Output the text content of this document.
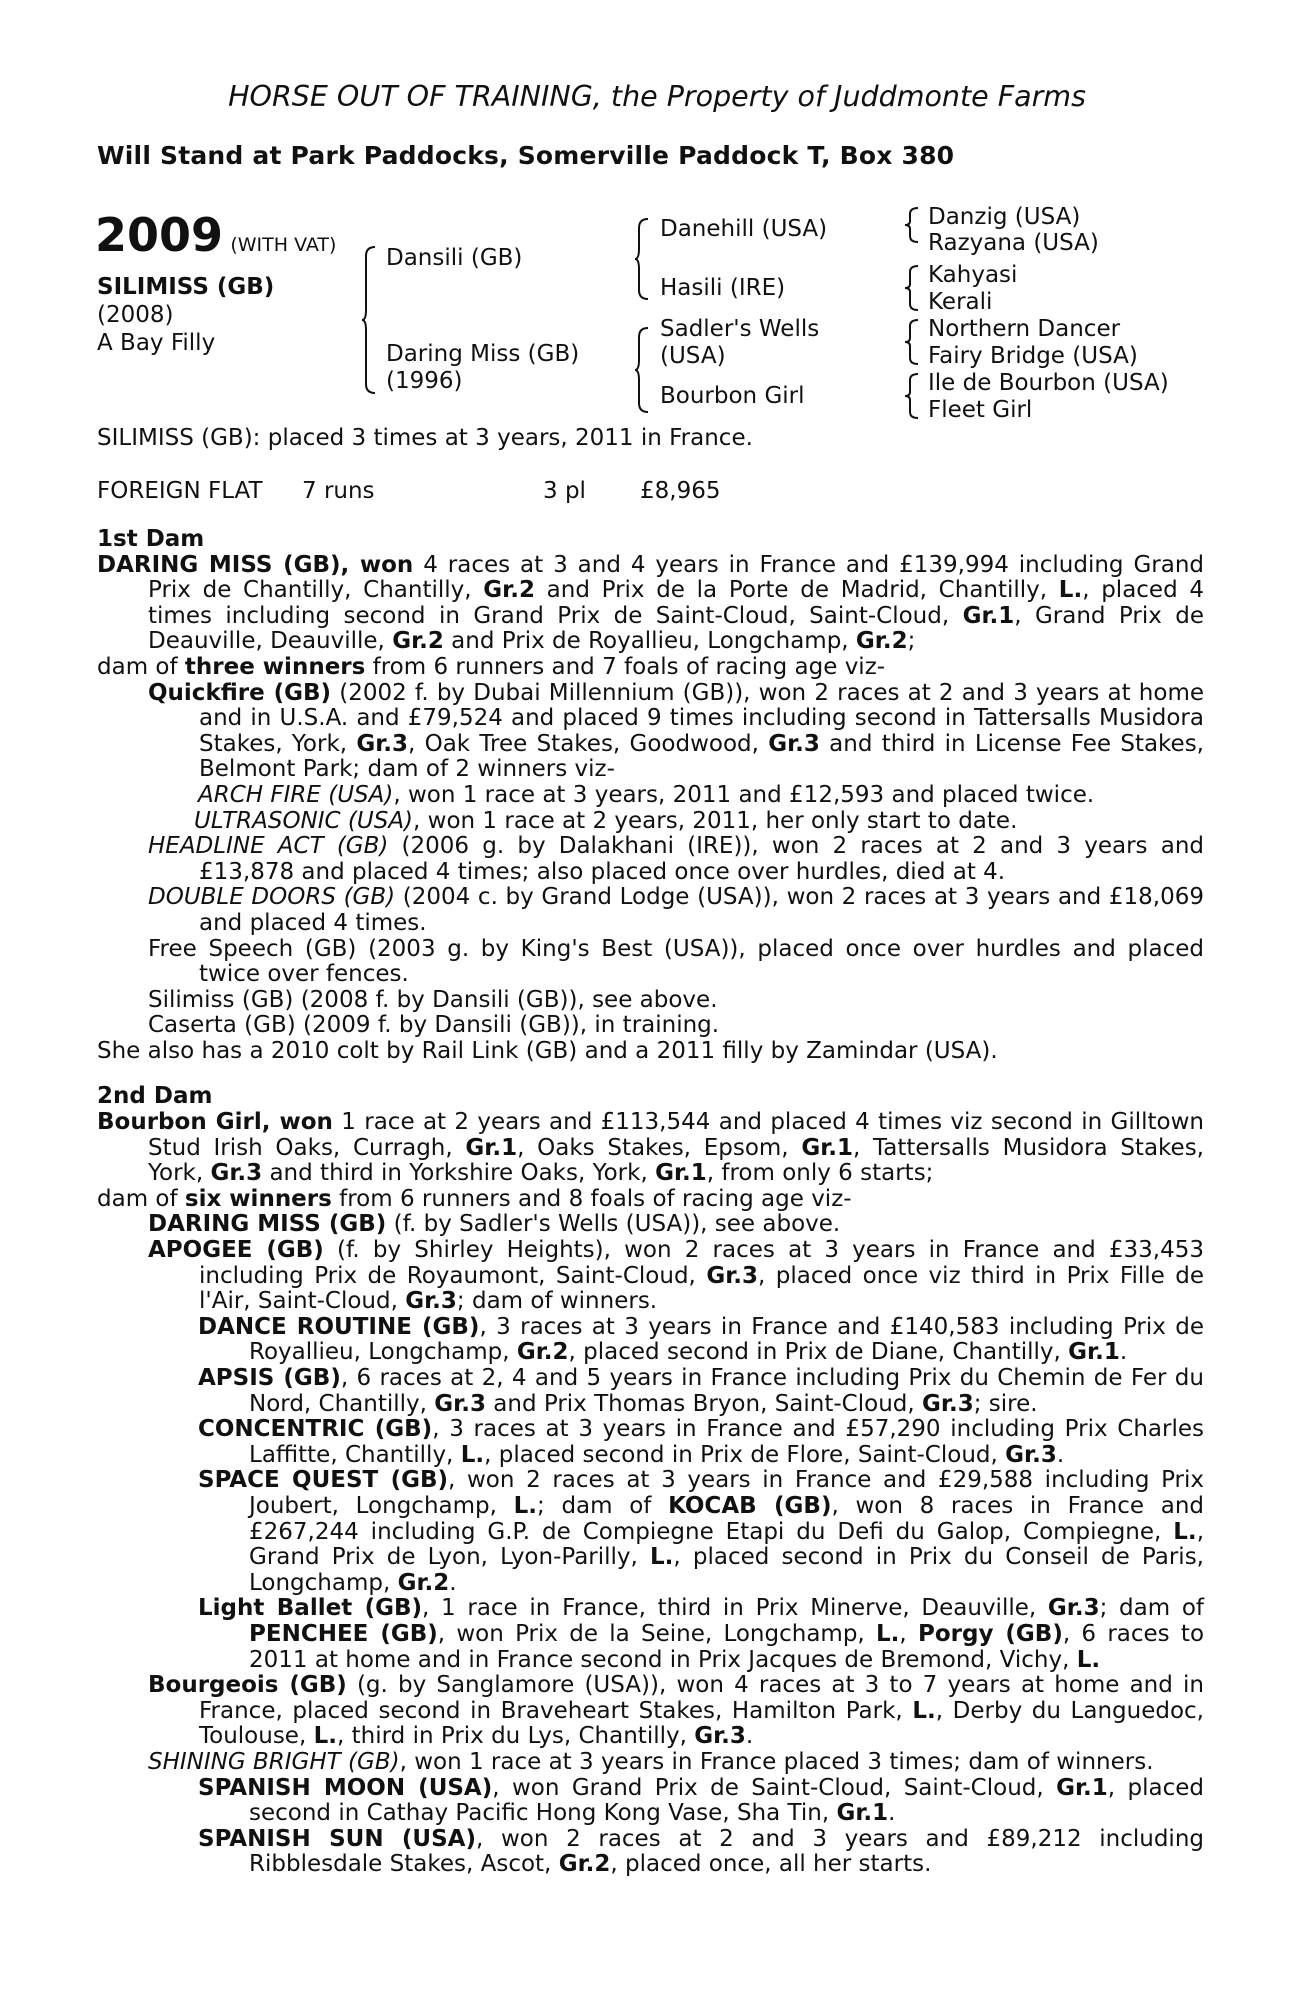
HORSE OUT OF TRAINING, the Property of Juddmonte Farms
Will Stand at Park Paddocks, Somerville Paddock T, Box 380
2009 (WITH VAT)
SILIMISS (GB)
(2008)
A Bay Filly
Dansili (GB)
Daring Miss (GB)
(1996)
Danehill (USA)
Hasili (IRE)
Sadler's Wells
(USA)
Bourbon Girl
Danzig (USA)
Razyana (USA)
Kahyasi
Kerali
Northern Dancer
Fairy Bridge (USA)
Ile de Bourbon (USA)
Fleet Girl
SILIMISS (GB): placed 3 times at 3 years, 2011 in France.
FOREIGN FLAT 7 runs	3 pl £8,965

1st Dam

DARING MISS (GB), won 4 races at 3 and 4 years in France and £139,994 including Grand Prix de Chantilly, Chantilly, Gr.2 and Prix de la Porte de Madrid, Chantilly, L., placed 4 times including second in Grand Prix de Saint-Cloud, Saint-Cloud, Gr.1, Grand Prix de Deauville, Deauville, Gr.2 and Prix de Royallieu, Longchamp, Gr.2;

dam of three winners from 6 runners and 7 foals of racing age viz-

Quickfire (GB) (2002 f. by Dubai Millennium (GB)), won 2 races at 2 and 3 years at home and in U.S.A. and £79,524 and placed 9 times including second in Tattersalls Musidora Stakes, York, Gr.3, Oak Tree Stakes, Goodwood, Gr.3 and third in License Fee Stakes, Belmont Park; dam of 2 winners viz-

ARCH FIRE (USA), won 1 race at 3 years, 2011 and £12,593 and placed twice.

ULTRASONIC (USA), won 1 race at 2 years, 2011, her only start to date.

HEADLINE ACT (GB) (2006 g. by Dalakhani (IRE)), won 2 races at 2 and 3 years and £13,878 and placed 4 times; also placed once over hurdles, died at 4.

DOUBLE DOORS (GB) (2004 c. by Grand Lodge (USA)), won 2 races at 3 years and £18,069 and placed 4 times.

Free Speech (GB) (2003 g. by King's Best (USA)), placed once over hurdles and placed twice over fences.

Silimiss (GB) (2008 f. by Dansili (GB)), see above.

Caserta (GB) (2009 f. by Dansili (GB)), in training.

She also has a 2010 colt by Rail Link (GB) and a 2011 filly by Zamindar (USA).

2nd Dam

Bourbon Girl, won 1 race at 2 years and £113,544 and placed 4 times viz second in Gilltown Stud Irish Oaks, Curragh, Gr.1, Oaks Stakes, Epsom, Gr.1, Tattersalls Musidora Stakes, York, Gr.3 and third in Yorkshire Oaks, York, Gr.1, from only 6 starts;

dam of six winners from 6 runners and 8 foals of racing age viz-

DARING MISS (GB) (f. by Sadler's Wells (USA)), see above.

APOGEE (GB) (f. by Shirley Heights), won 2 races at 3 years in France and £33,453 including Prix de Royaumont, Saint-Cloud, Gr.3, placed once viz third in Prix Fille de l'Air, Saint-Cloud, Gr.3; dam of winners.

DANCE ROUTINE (GB), 3 races at 3 years in France and £140,583 including Prix de Royallieu, Longchamp, Gr.2, placed second in Prix de Diane, Chantilly, Gr.1.

APSIS (GB), 6 races at 2, 4 and 5 years in France including Prix du Chemin de Fer du Nord, Chantilly, Gr.3 and Prix Thomas Bryon, Saint-Cloud, Gr.3; sire.

CONCENTRIC (GB), 3 races at 3 years in France and £57,290 including Prix Charles Laffitte, Chantilly, L., placed second in Prix de Flore, Saint-Cloud, Gr.3.

SPACE QUEST (GB), won 2 races at 3 years in France and £29,588 including Prix Joubert, Longchamp, L.; dam of KOCAB (GB), won 8 races in France and £267,244 including G.P. de Compiegne Etapi du Defi du Galop, Compiegne, L., Grand Prix de Lyon, Lyon-Parilly, L., placed second in Prix du Conseil de Paris, Longchamp, Gr.2.

Light Ballet (GB), 1 race in France, third in Prix Minerve, Deauville, Gr.3; dam of PENCHEE (GB), won Prix de la Seine, Longchamp, L., Porgy (GB), 6 races to 2011 at home and in France second in Prix Jacques de Bremond, Vichy, L.

Bourgeois (GB) (g. by Sanglamore (USA)), won 4 races at 3 to 7 years at home and in France, placed second in Braveheart Stakes, Hamilton Park, L., Derby du Languedoc, Toulouse, L., third in Prix du Lys, Chantilly, Gr.3.

SHINING BRIGHT (GB), won 1 race at 3 years in France placed 3 times; dam of winners.

SPANISH MOON (USA), won Grand Prix de Saint-Cloud, Saint-Cloud, Gr.1, placed second in Cathay Pacific Hong Kong Vase, Sha Tin, Gr.1.

SPANISH SUN (USA), won 2 races at 2 and 3 years and £89,212 including Ribblesdale Stakes, Ascot, Gr.2, placed once, all her starts.
